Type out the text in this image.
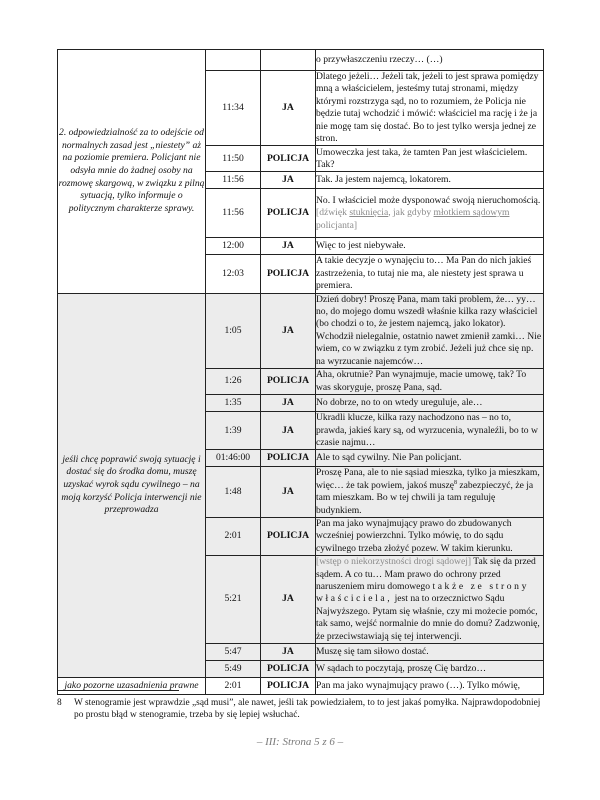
2. odpowiedzialność za to odejście od normalnych zasad jest „niestety” aż na poziomie premiera. Policjant nie odsyła mnie do żadnej osoby na rozmowę skargową, w związku z pilną sytuacją, tylko informuje o politycznym charakterze sprawy.			o przywłaszczeniu rzeczy… (…)
	11:34	JA	Dlatego jeżeli… Jeżeli tak, jeżeli to jest sprawa pomiędzy mną a właścicielem, jesteśmy tutaj stronami, między którymi rozstrzyga sąd, no to rozumiem, że Policja nie będzie tutaj wchodzić i mówić: właściciel ma rację i że ja nie mogę tam się dostać. Bo to jest tylko wersja jednej ze stron.
	11:50	POLICJA	Umoweczka jest taka, że tamten Pan jest właścicielem. Tak?
	11:56	JA	Tak. Ja jestem najemcą, lokatorem.
	11:56	POLICJA	No. I właściciel może dysponować swoją nieruchomością.
[dźwięk stuknięcia, jak gdyby młotkiem sądowym policjanta]
	12:00	JA	Więc to jest niebywałe.
	12:03	POLICJA	A takie decyzje o wynajęciu to… Ma Pan do nich jakieś zastrzeżenia, to tutaj nie ma, ale niestety jest sprawa u premiera.
jeśli chcę poprawić swoją sytuację i dostać się do środka domu, muszę uzyskać wyrok sądu cywilnego – na moją korzyść Policja interwencji nie przeprowadza	1:05	JA	Dzień dobry! Proszę Pana, mam taki problem, że… yy… no, do mojego domu wszedł właśnie kilka razy właściciel (bo chodzi o to, że jestem najemcą, jako lokator). Wchodził nielegalnie, ostatnio nawet zmienił zamki… Nie wiem, co w związku z tym zrobić. Jeżeli już chce się np. na wyrzucanie najemców…
	1:26	POLICJA	Aha, okrutnie? Pan wynajmuje, macie umowę, tak? To was skoryguje, proszę Pana, sąd.
	1:35	JA	No dobrze, no to on wtedy ureguluje, ale…
	1:39	JA	Ukradli klucze, kilka razy nachodzono nas – no to, prawda, jakieś kary są, od wyrzucenia, wynaleźli, bo to w czasie najmu…
	01:46:00	POLICJA	Ale to sąd cywilny. Nie Pan policjant.
	1:48	JA	Proszę Pana, ale to nie sąsiad mieszka, tylko ja mieszkam, więc… że tak powiem, jakoś muszę$^8$ zabezpieczyć, że ja tam mieszkam. Bo w tej chwili ja tam reguluję budynkiem.
	2:01	POLICJA	Pan ma jako wynajmujący prawo do zbudowanych wcześniej powierzchni. Tylko mówię, to do sądu cywilnego trzeba złożyć pozew. W takim kierunku.
	5:21	JA	[wstęp o niekorzystności drogi sądowej] Tak się da przed sądem. A co tu… Mam prawo do ochrony przed naruszeniem miru domowego także ze strony właściciela, jest na to orzecznictwo Sądu Najwyższego. Pytam się właśnie, czy mi możecie pomóc, tak samo, wejść normalnie do mnie do domu? Zadzwonię, że przeciwstawiają się tej interwencji.
	5:47	JA	Muszę się tam siłowo dostać.
	5:49	POLICJA	W sądach to poczytają, proszę Cię bardzo…
jako pozorne uzasadnienia prawne	2:01	POLICJA	Pan ma jako wynajmujący prawo (…). Tylko mówię,
8 W stenogramie jest wprawdzie „sąd musi”, ale nawet, jeśli tak powiedziałem, to to jest jakaś pomyłka. Najprawdopodobniej po prostu błąd w stenogramie, trzeba by się lepiej wsłuchać.
– III: Strona 5 z 6 –
